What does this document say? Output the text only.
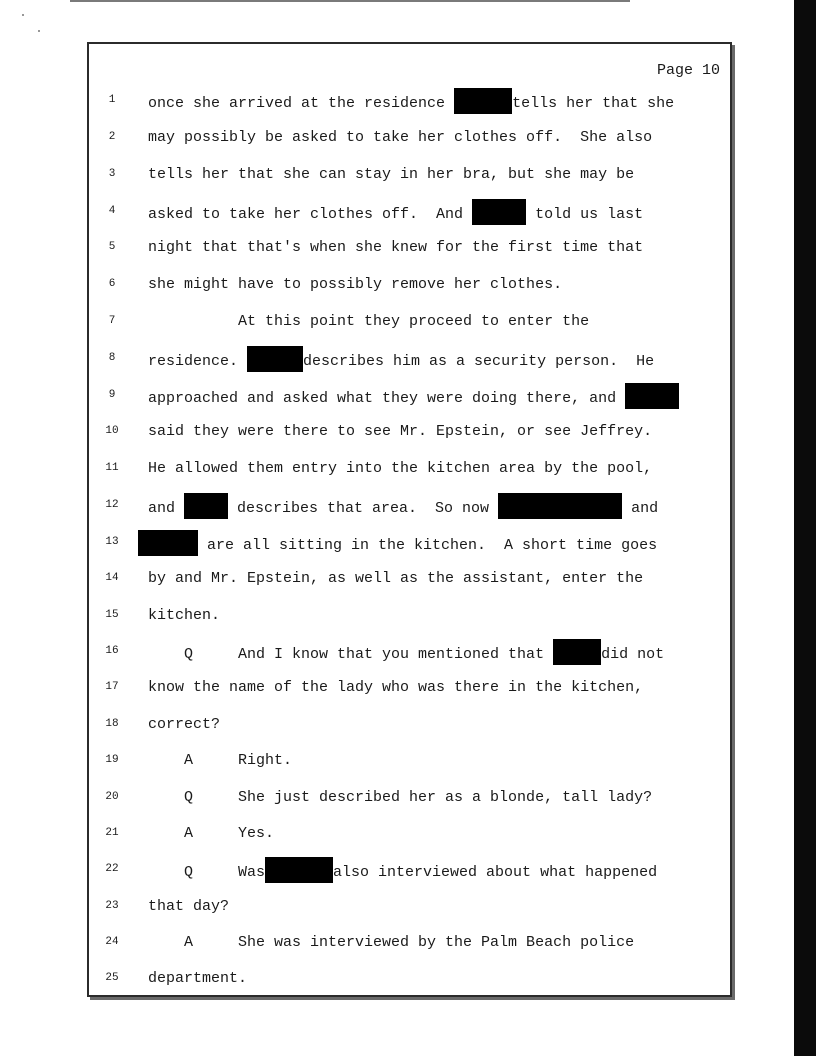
Page 10
1	once she arrived at the residence	tells her that she
2	may possibly be asked to take her clothes off.  She also
3	tells her that she can stay in her bra, but she may be
4	asked to take her clothes off.  And	told us last
5	night that that's when she knew for the first time that
6	she might have to possibly remove her clothes.
7	At this point they proceed to enter the
8	residence.	describes him as a security person.  He
9	approached and asked what they were doing there, and
10	said they were there to see Mr. Epstein, or see Jeffrey.
11	He allowed them entry into the kitchen area by the pool,
12	and	describes that area.  So now	and
13	are all sitting in the kitchen.  A short time goes
14	by and Mr. Epstein, as well as the assistant, enter the
15	kitchen.
16	Q     And I know that you mentioned that	did not
17	know the name of the lady who was there in the kitchen,
18	correct?
19	A     Right.
20	Q     She just described her as a blonde, tall lady?
21	A     Yes.
22	Q     Was	also interviewed about what happened
23	that day?
24	A     She was interviewed by the Palm Beach police
25	department.
